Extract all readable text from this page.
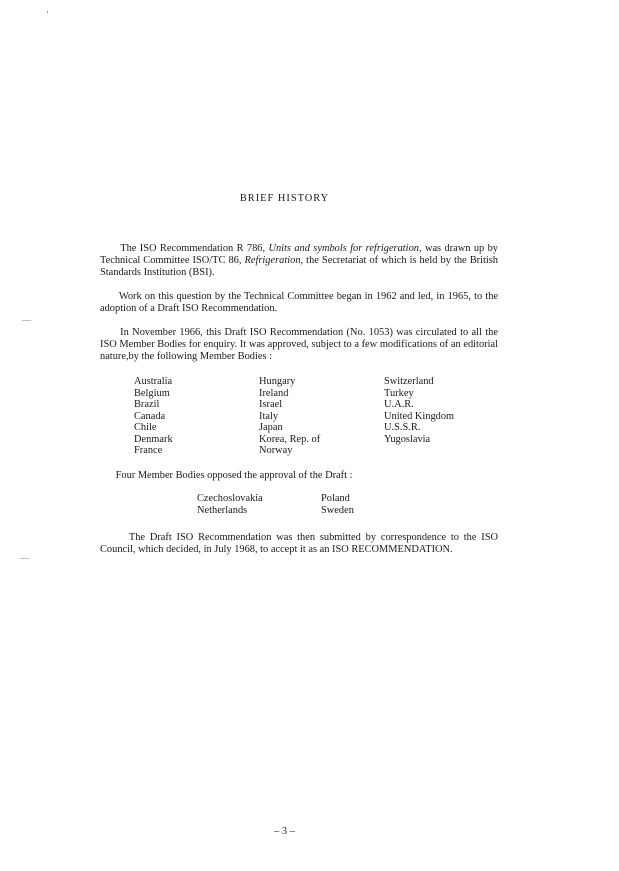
BRIEF HISTORY
The ISO Recommendation R 786, Units and symbols for refrigeration, was drawn up by Technical Committee ISO/TC 86, Refrigeration, the Secretariat of which is held by the British Standards Institution (BSI).
Work on this question by the Technical Committee began in 1962 and led, in 1965, to the adoption of a Draft ISO Recommendation.
In November 1966, this Draft ISO Recommendation (No. 1053) was circulated to all the ISO Member Bodies for enquiry. It was approved, subject to a few modifications of an editorial nature,by the following Member Bodies :
Australia
Belgium
Brazil
Canada
Chile
Denmark
France
Hungary
Ireland
Israel
Italy
Japan
Korea, Rep. of
Norway
Switzerland
Turkey
U.A.R.
United Kingdom
U.S.S.R.
Yugoslavia
Four Member Bodies opposed the approval of the Draft :
Czechoslovakia
Netherlands
Poland
Sweden
The Draft ISO Recommendation was then submitted by correspondence to the ISO Council, which decided, in July 1968, to accept it as an ISO RECOMMENDATION.
– 3 –
‘
—
—
